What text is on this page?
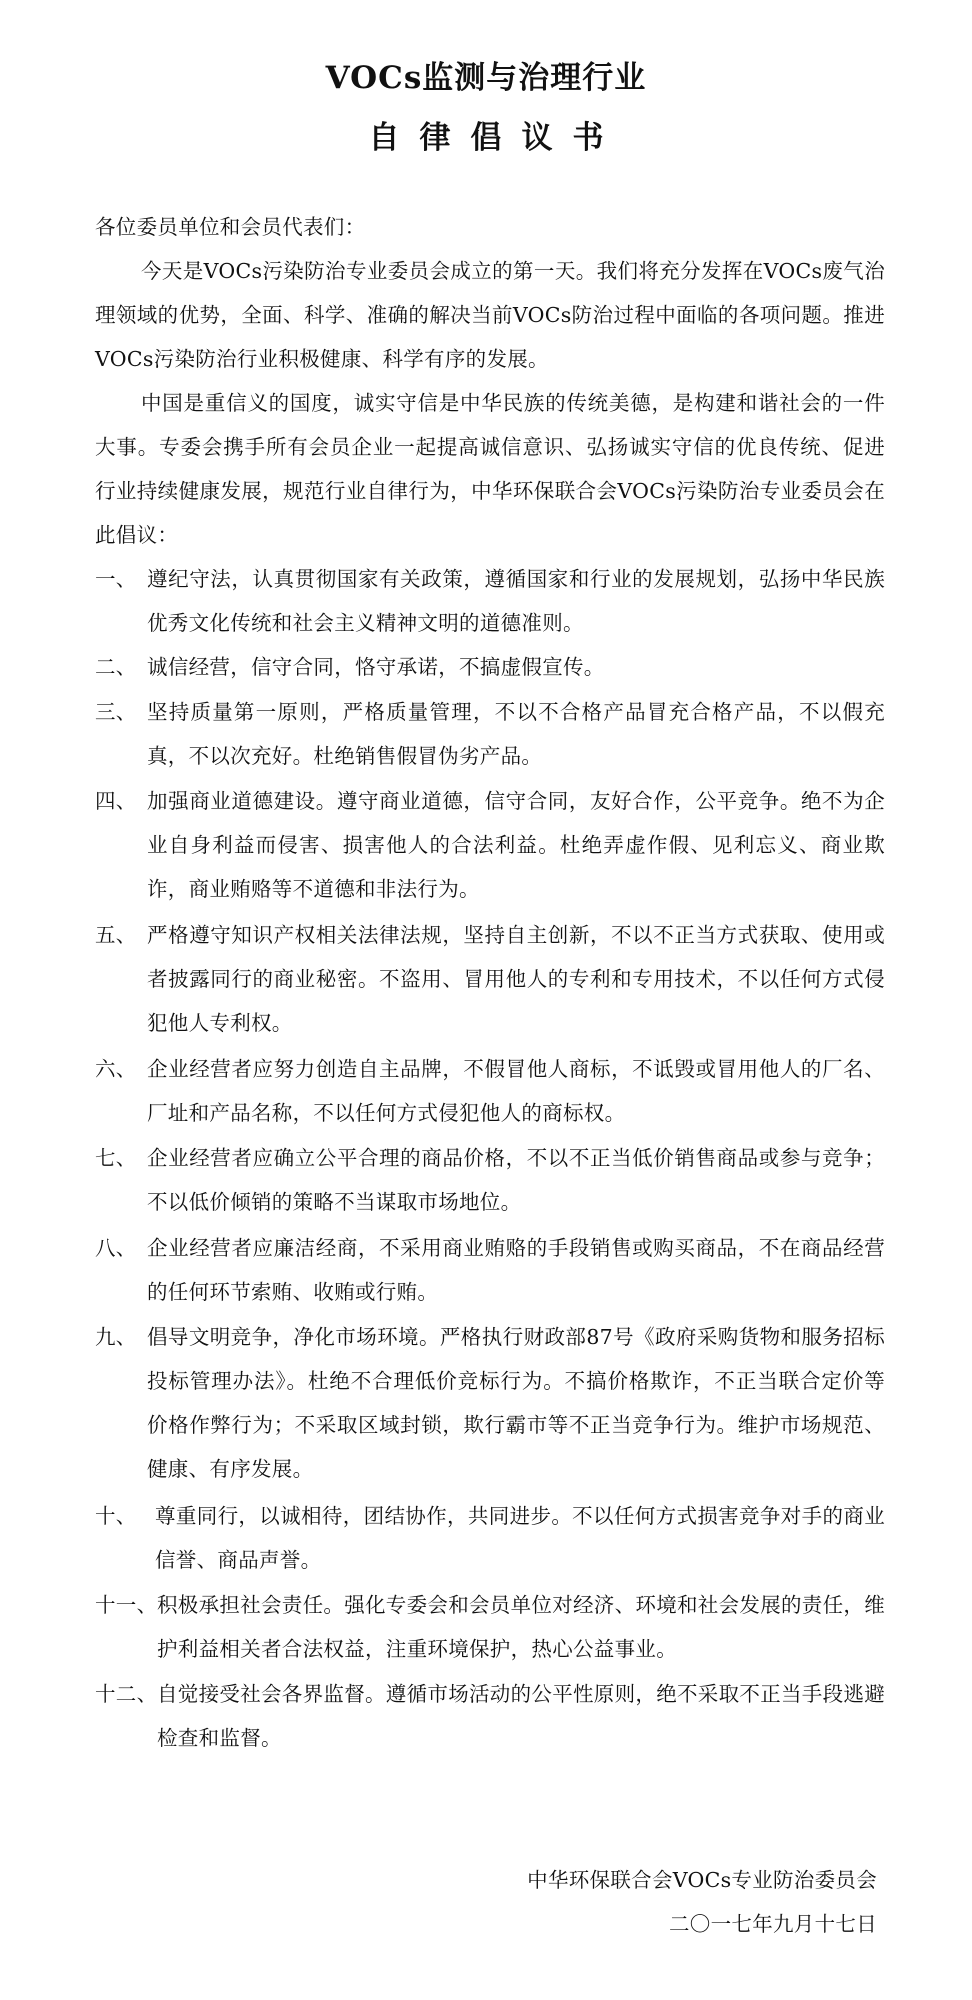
VOCs监测与治理行业
自律倡议书
各位委员单位和会员代表们：
今天是VOCs污染防治专业委员会成立的第一天。我们将充分发挥在VOCs废气治理领域的优势，全面、科学、准确的解决当前VOCs防治过程中面临的各项问题。推进VOCs污染防治行业积极健康、科学有序的发展。
中国是重信义的国度，诚实守信是中华民族的传统美德，是构建和谐社会的一件大事。专委会携手所有会员企业一起提高诚信意识、弘扬诚实守信的优良传统、促进行业持续健康发展，规范行业自律行为，中华环保联合会VOCs污染防治专业委员会在此倡议：
一、 遵纪守法，认真贯彻国家有关政策，遵循国家和行业的发展规划，弘扬中华民族优秀文化传统和社会主义精神文明的道德准则。
二、 诚信经营，信守合同，恪守承诺，不搞虚假宣传。
三、 坚持质量第一原则，严格质量管理，不以不合格产品冒充合格产品，不以假充真，不以次充好。杜绝销售假冒伪劣产品。
四、 加强商业道德建设。遵守商业道德，信守合同，友好合作，公平竞争。绝不为企业自身利益而侵害、损害他人的合法利益。杜绝弄虚作假、见利忘义、商业欺诈，商业贿赂等不道德和非法行为。
五、 严格遵守知识产权相关法律法规，坚持自主创新，不以不正当方式获取、使用或者披露同行的商业秘密。不盗用、冒用他人的专利和专用技术，不以任何方式侵犯他人专利权。
六、 企业经营者应努力创造自主品牌，不假冒他人商标，不诋毁或冒用他人的厂名、厂址和产品名称，不以任何方式侵犯他人的商标权。
七、 企业经营者应确立公平合理的商品价格，不以不正当低价销售商品或参与竞争；不以低价倾销的策略不当谋取市场地位。
八、 企业经营者应廉洁经商，不采用商业贿赂的手段销售或购买商品，不在商品经营的任何环节索贿、收贿或行贿。
九、 倡导文明竞争，净化市场环境。严格执行财政部87号《政府采购货物和服务招标投标管理办法》。杜绝不合理低价竞标行为。不搞价格欺诈，不正当联合定价等价格作弊行为；不采取区域封锁，欺行霸市等不正当竞争行为。维护市场规范、健康、有序发展。
十、 尊重同行，以诚相待，团结协作，共同进步。不以任何方式损害竞争对手的商业信誉、商品声誉。
十一、 积极承担社会责任。强化专委会和会员单位对经济、环境和社会发展的责任，维护利益相关者合法权益，注重环境保护，热心公益事业。
十二、 自觉接受社会各界监督。遵循市场活动的公平性原则，绝不采取不正当手段逃避检查和监督。
中华环保联合会VOCs专业防治委员会
二〇一七年九月十七日
